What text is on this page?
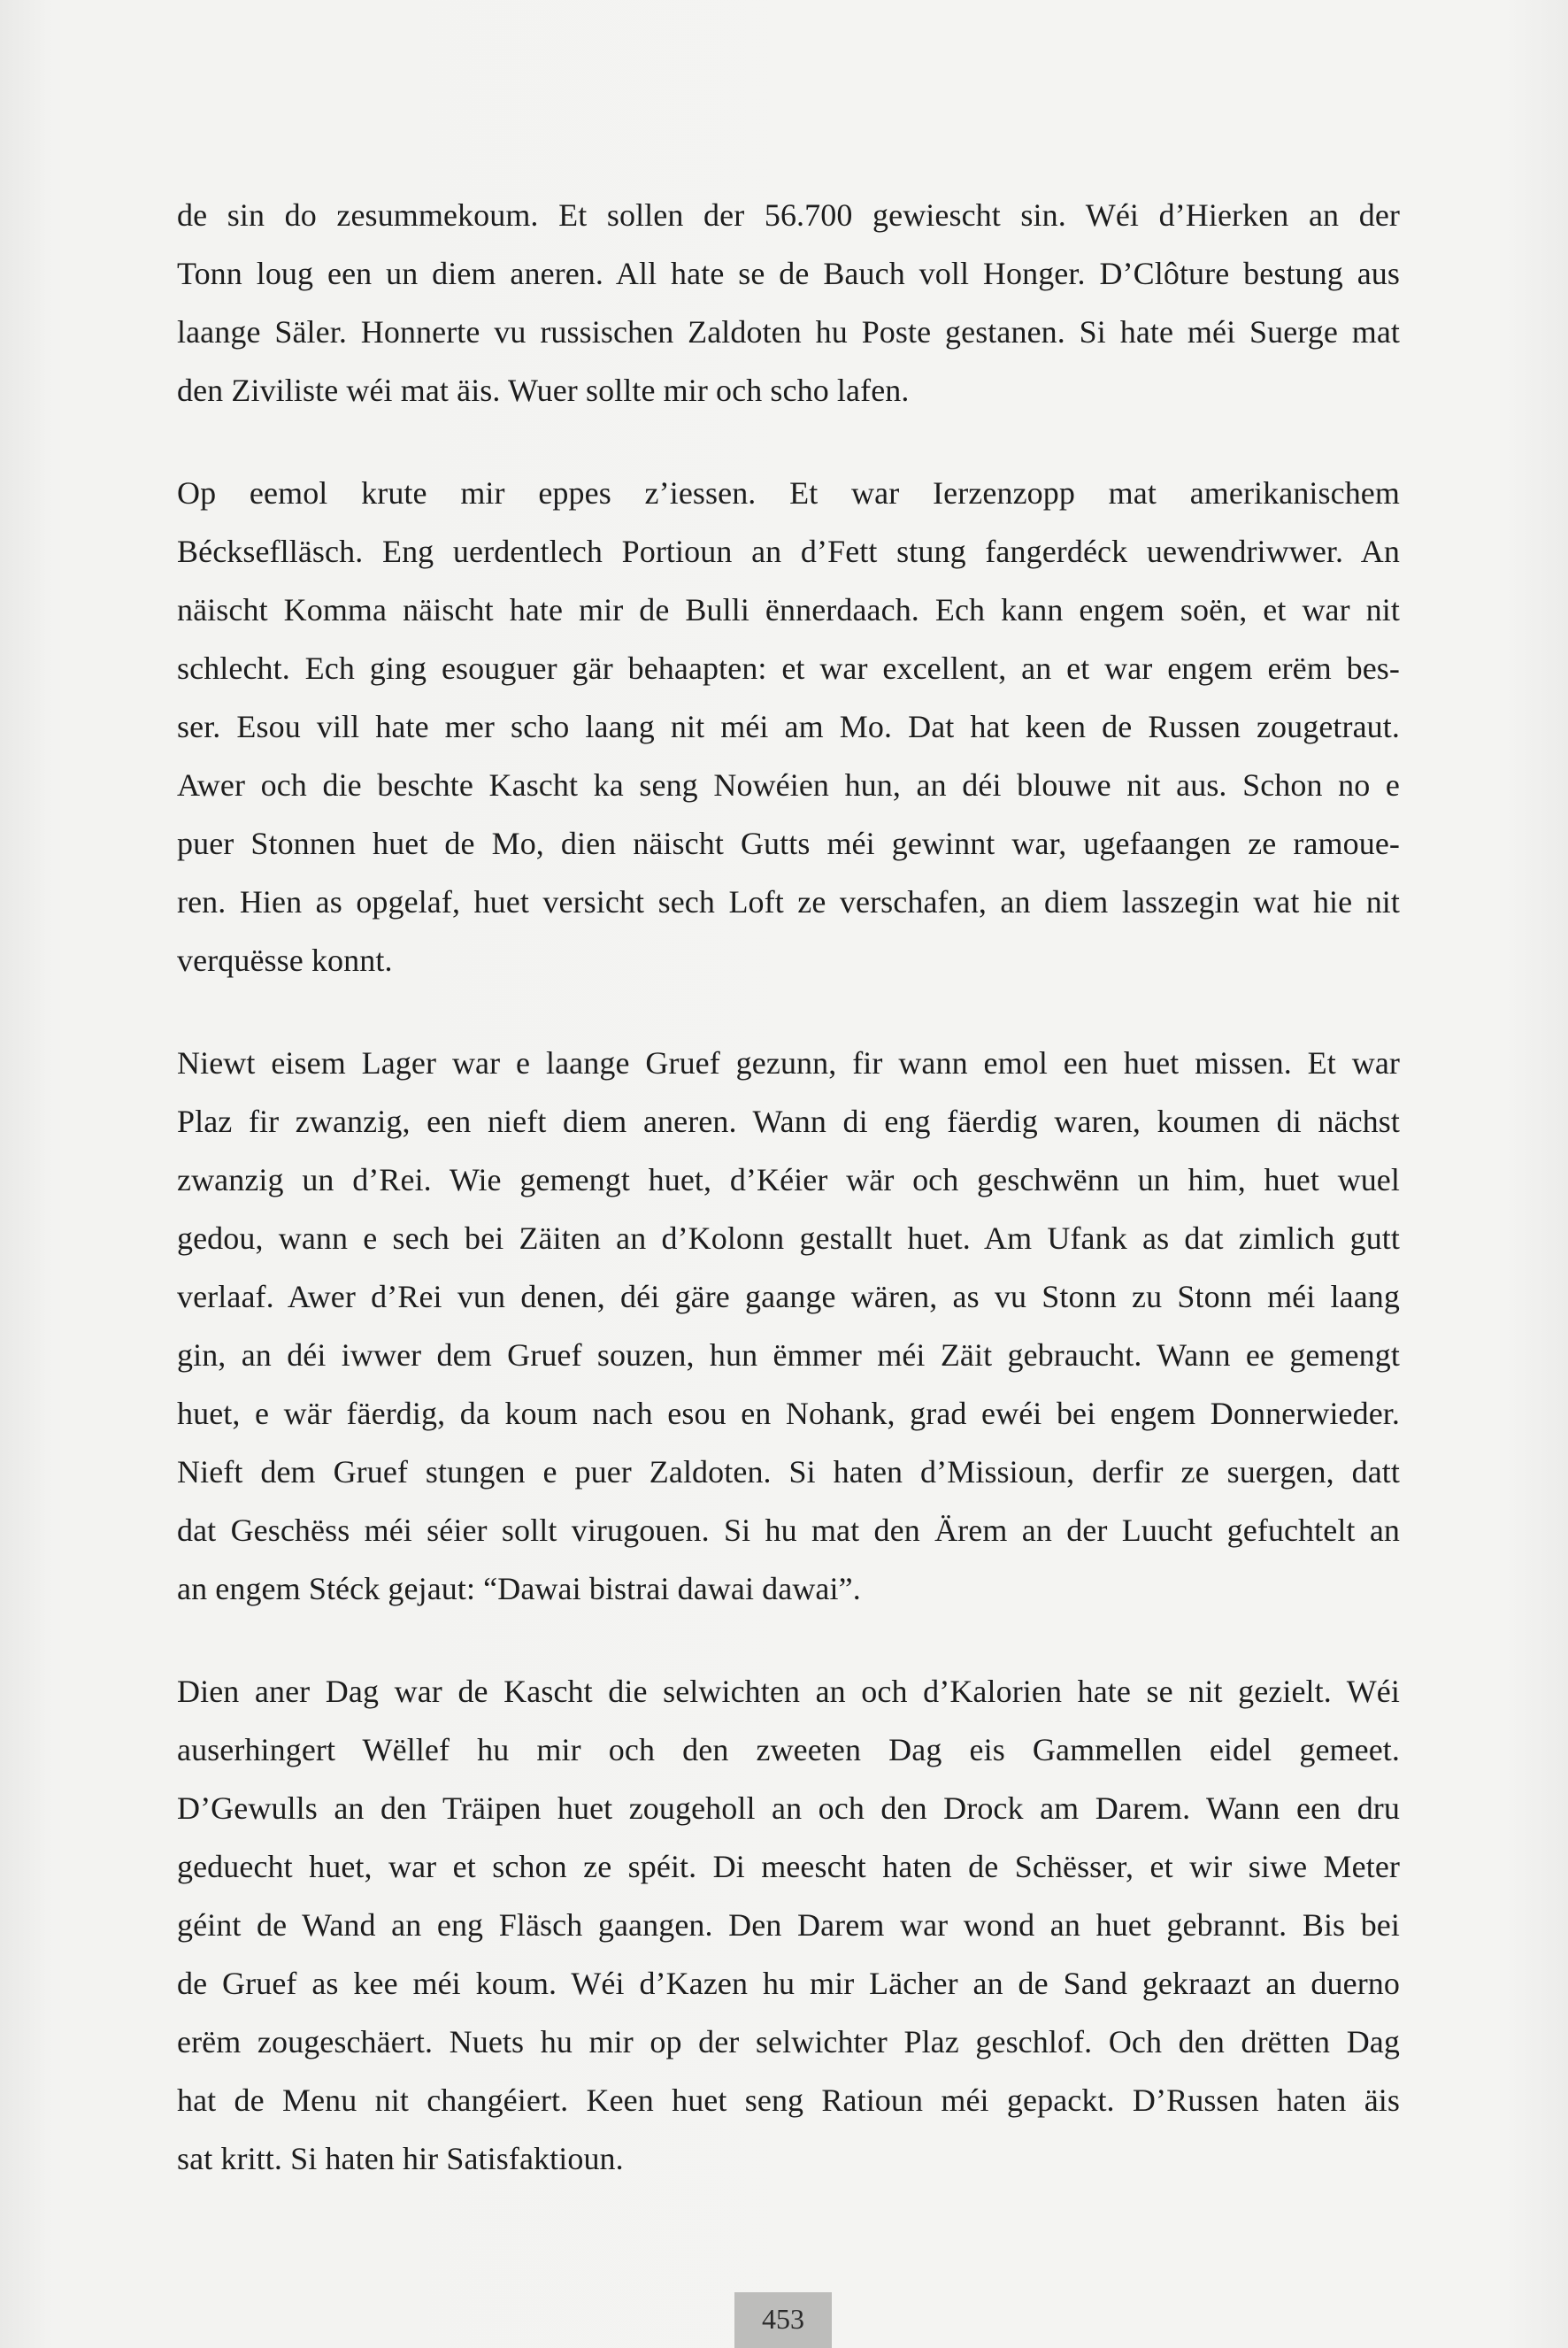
de sin do zesummekoum. Et sollen der 56.700 gewiescht sin. Wéi d’Hierken an der
Tonn loug een un diem aneren. All hate se de Bauch voll Honger. D’Clôture bestung aus
laange Säler. Honnerte vu russischen Zaldoten hu Poste gestanen. Si hate méi Suerge mat
den Ziviliste wéi mat äis. Wuer sollte mir och scho lafen.

Op eemol krute mir eppes z’iessen. Et war Ierzenzopp mat amerikanischem
Béckseflläsch. Eng uerdentlech Portioun an d’Fett stung fangerdéck uewendriwwer. An
näischt Komma näischt hate mir de Bulli ënnerdaach. Ech kann engem soën, et war nit
schlecht. Ech ging esouguer gär behaapten: et war excellent, an et war engem erëm bes-
ser. Esou vill hate mer scho laang nit méi am Mo. Dat hat keen de Russen zougetraut.
Awer och die beschte Kascht ka seng Nowéien hun, an déi blouwe nit aus. Schon no e
puer Stonnen huet de Mo, dien näischt Gutts méi gewinnt war, ugefaangen ze ramoue-
ren. Hien as opgelaf, huet versicht sech Loft ze verschafen, an diem lasszegin wat hie nit
verquësse konnt.

Niewt eisem Lager war e laange Gruef gezunn, fir wann emol een huet missen. Et war
Plaz fir zwanzig, een nieft diem aneren. Wann di eng fäerdig waren, koumen di nächst
zwanzig un d’Rei. Wie gemengt huet, d’Kéier wär och geschwënn un him, huet wuel
gedou, wann e sech bei Zäiten an d’Kolonn gestallt huet. Am Ufank as dat zimlich gutt
verlaaf. Awer d’Rei vun denen, déi gäre gaange wären, as vu Stonn zu Stonn méi laang
gin, an déi iwwer dem Gruef souzen, hun ëmmer méi Zäit gebraucht. Wann ee gemengt
huet, e wär fäerdig, da koum nach esou en Nohank, grad ewéi bei engem Donnerwieder.
Nieft dem Gruef stungen e puer Zaldoten. Si haten d’Missioun, derfir ze suergen, datt
dat Geschëss méi séier sollt virugouen. Si hu mat den Ärem an der Luucht gefuchtelt an
an engem Stéck gejaut: “Dawai bistrai dawai dawai”.

Dien aner Dag war de Kascht die selwichten an och d’Kalorien hate se nit gezielt. Wéi
auserhingert Wëllef hu mir och den zweeten Dag eis Gammellen eidel gemeet.
D’Gewulls an den Träipen huet zougeholl an och den Drock am Darem. Wann een dru
geduecht huet, war et schon ze spéit. Di meescht haten de Schësser, et wir siwe Meter
géint de Wand an eng Fläsch gaangen. Den Darem war wond an huet gebrannt. Bis bei
de Gruef as kee méi koum. Wéi d’Kazen hu mir Lächer an de Sand gekraazt an duerno
erëm zougeschäert. Nuets hu mir op der selwichter Plaz geschlof. Och den drëtten Dag
hat de Menu nit changéiert. Keen huet seng Ratioun méi gepackt. D’Russen haten äis
sat kritt. Si haten hir Satisfaktioun.

453
